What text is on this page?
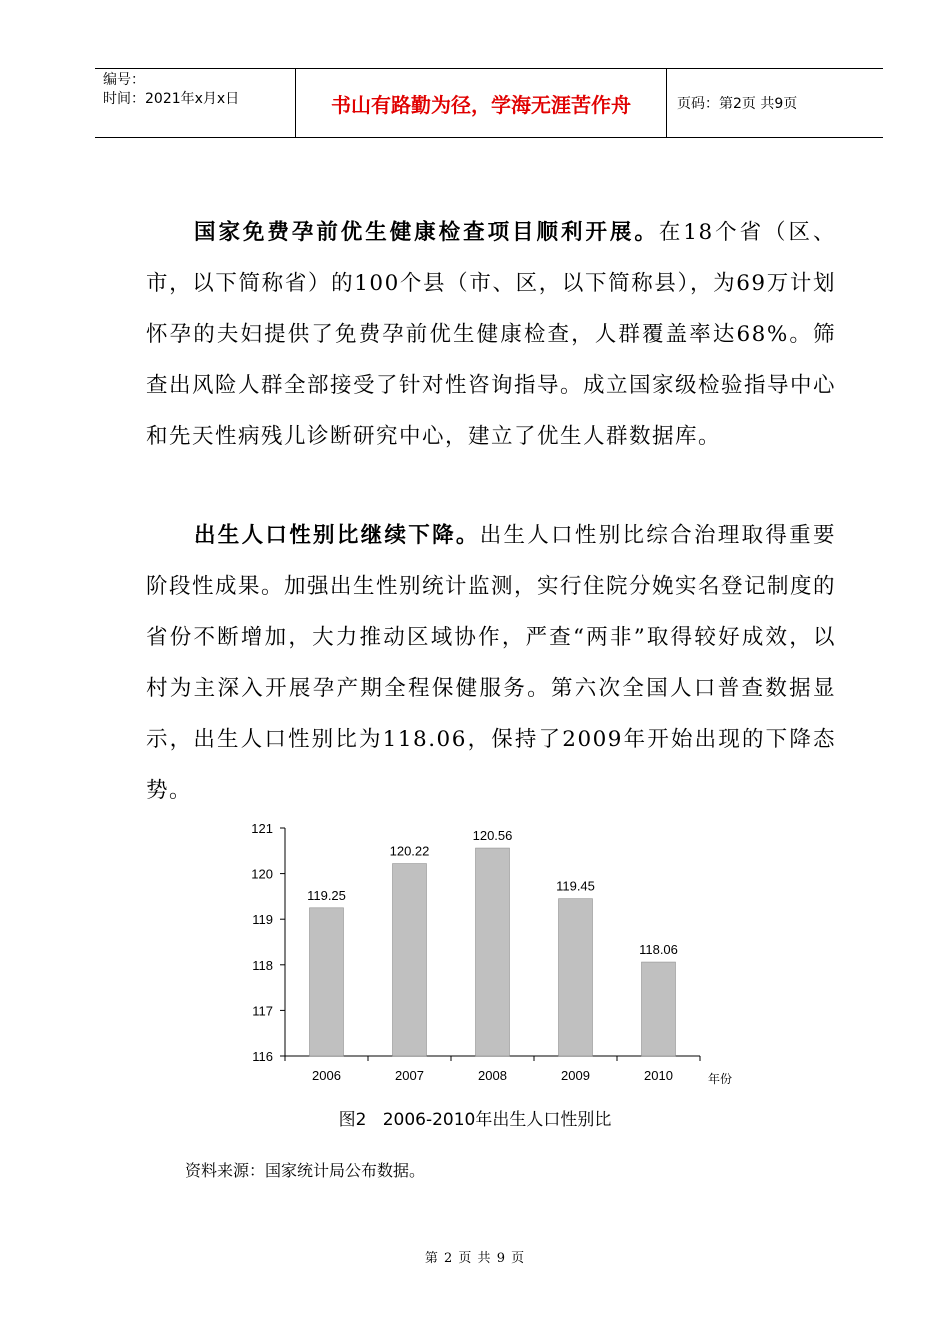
编号：
时间：2021年x月x日	书山有路勤为径，学海无涯苦作舟	页码：第2页 共9页

国家免费孕前优生健康检查项目顺利开展。在18个省（区、市，以下简称省）的100个县（市、区，以下简称县），为69万计划怀孕的夫妇提供了免费孕前优生健康检查，人群覆盖率达68%。筛查出风险人群全部接受了针对性咨询指导。成立国家级检验指导中心和先天性病残儿诊断研究中心，建立了优生人群数据库。

出生人口性别比继续下降。出生人口性别比综合治理取得重要阶段性成果。加强出生性别统计监测，实行住院分娩实名登记制度的省份不断增加，大力推动区域协作，严查“两非”取得较好成效，以村为主深入开展孕产期全程保健服务。第六次全国人口普查数据显示，出生人口性别比为118.06，保持了2009年开始出现的下降态势。

116
117
118
119
120
121
119.25
2006
120.22
2007
120.56
2008
119.45
2009
118.06
2010	年份
图2 2006-2010年出生人口性别比
资料来源：国家统计局公布数据。
第 2 页 共 9 页
